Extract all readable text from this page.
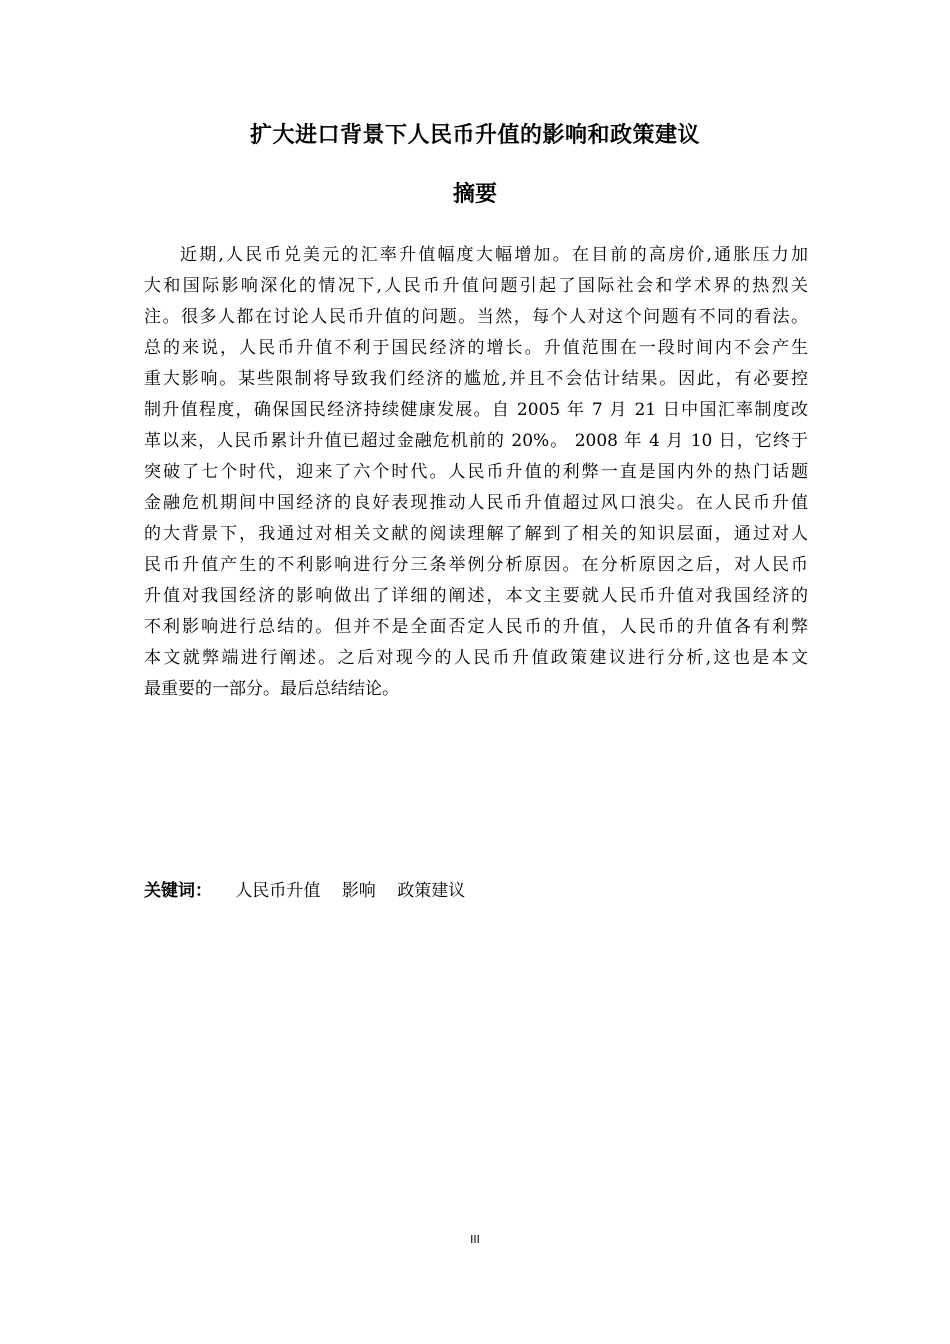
扩大进口背景下人民币升值的影响和政策建议
摘要
近期,人民币兑美元的汇率升值幅度大幅增加。在目前的高房价,通胀压力加
大和国际影响深化的情况下,人民币升值问题引起了国际社会和学术界的热烈关
注。很多人都在讨论人民币升值的问题。当然，每个人对这个问题有不同的看法。
总的来说，人民币升值不利于国民经济的增长。升值范围在一段时间内不会产生
重大影响。某些限制将导致我们经济的尴尬,并且不会估计结果。因此，有必要控
制升值程度，确保国民经济持续健康发展。自 2005 年 7 月 21 日中国汇率制度改
革以来，人民币累计升值已超过金融危机前的 20%。 2008 年 4 月 10 日，它终于
突破了七个时代，迎来了六个时代。人民币升值的利弊一直是国内外的热门话题
金融危机期间中国经济的良好表现推动人民币升值超过风口浪尖。在人民币升值
的大背景下，我通过对相关文献的阅读理解了解到了相关的知识层面，通过对人
民币升值产生的不利影响进行分三条举例分析原因。在分析原因之后，对人民币
升值对我国经济的影响做出了详细的阐述，本文主要就人民币升值对我国经济的
不利影响进行总结的。但并不是全面否定人民币的升值，人民币的升值各有利弊
本文就弊端进行阐述。之后对现今的人民币升值政策建议进行分析,这也是本文
最重要的一部分。最后总结结论。
关键词： 人民币升值 影响 政策建议
III
